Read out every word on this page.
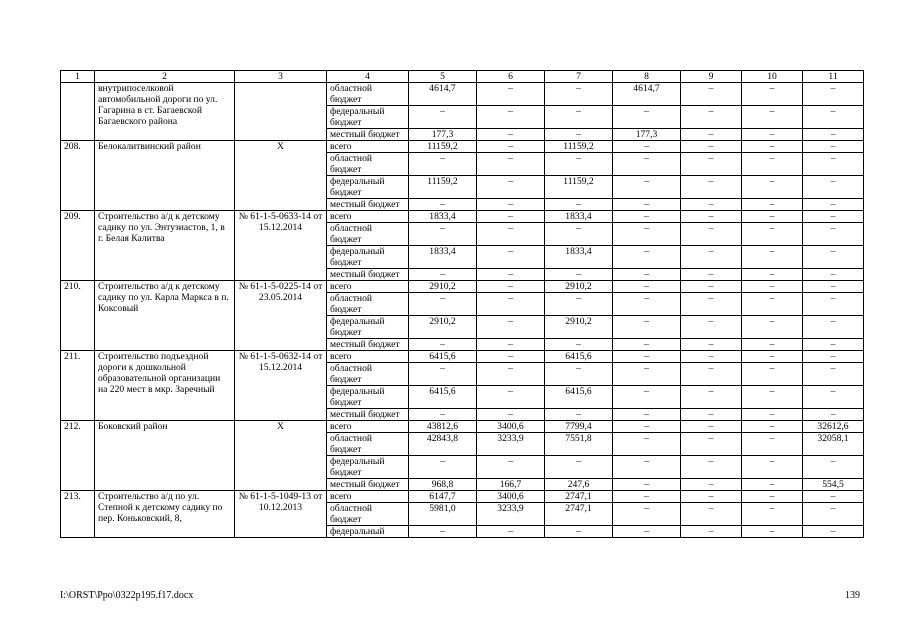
1	2	3	4	5	6	7	8	9	10	11
	внутрипоселковой автомобильной дороги по ул. Гагарина в ст. Багаевской Багаевского района		областной бюджет	4614,7	–	–	4614,7	–	–	–
			федеральный бюджет	–	–	–	–	–	–	–
			местный бюджет	177,3	–	–	177,3	–	–	–
208.	Белокалитвинский район	X	всего	11159,2	–	11159,2	–	–	–	–
			областной бюджет	–	–	–	–	–	–	–
			федеральный бюджет	11159,2	–	11159,2	–	–	–	–
			местный бюджет	–	–	–	–	–	–	–
209.	Строительство а/д к детскому садику по ул. Энтузиастов, 1, в г. Белая Калитва	№ 61-1-5-0633-14 от 15.12.2014	всего	1833,4	–	1833,4	–	–	–	–
			областной бюджет	–	–	–	–	–	–	–
			федеральный бюджет	1833,4	–	1833,4	–	–	–	–
			местный бюджет	–	–	–	–	–	–	–
210.	Строительство а/д к детскому садику по ул. Карла Маркса в п. Коксовый	№ 61-1-5-0225-14 от 23.05.2014	всего	2910,2	–	2910,2	–	–	–	–
			областной бюджет	–	–	–	–	–	–	–
			федеральный бюджет	2910,2	–	2910,2	–	–	–	–
			местный бюджет	–	–	–	–	–	–	–
211.	Строительство подъездной дороги к дошкольной образовательной организации на 220 мест в мкр. Заречный	№ 61-1-5-0632-14 от 15.12.2014	всего	6415,6	–	6415,6	–	–	–	–
			областной бюджет	–	–	–	–	–	–	–
			федеральный бюджет	6415,6	–	6415,6	–	–	–	–
			местный бюджет	–	–	–	–	–	–	–
212.	Боковский район	X	всего	43812,6	3400,6	7799,4	–	–	–	32612,6
			областной бюджет	42843,8	3233,9	7551,8	–	–	–	32058,1
			федеральный бюджет	–	–	–	–	–	–	–
			местный бюджет	968,8	166,7	247,6	–	–	–	554,5
213.	Строительство а/д по ул. Степной к детскому садику по пер. Коньковский, 8,	№ 61-1-5-1049-13 от 10.12.2013	всего	6147,7	3400,6	2747,1	–	–	–	–
			областной бюджет	5981,0	3233,9	2747,1	–	–	–	–
			федеральный	–	–	–	–	–	–	–
I:\ORST\Ppo\0322p195.f17.docx	139
